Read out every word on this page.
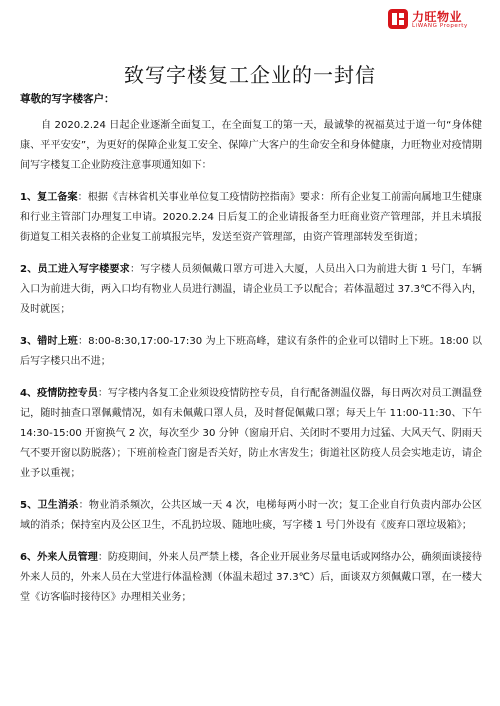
力旺物业
LiWANG Property
致写字楼复工企业的一封信
尊敬的写字楼客户：

自 2020.2.24 日起企业逐渐全面复工，在全面复工的第一天，最诚挚的祝福莫过于道一句“身体健康、平平安安”，为更好的保障企业复工安全、保障广大客户的生命安全和身体健康，力旺物业对疫情期间写字楼复工企业防疫注意事项通知如下：

1、复工备案：根据《吉林省机关事业单位复工疫情防控指南》要求：所有企业复工前需向属地卫生健康和行业主管部门办理复工申请。2020.2.24 日后复工的企业请报备至力旺商业资产管理部，并且未填报街道复工相关表格的企业复工前填报完毕，发送至资产管理部，由资产管理部转发至街道；

2、员工进入写字楼要求：写字楼人员须佩戴口罩方可进入大厦，人员出入口为前进大街 1 号门，车辆入口为前进大街，两入口均有物业人员进行测温，请企业员工予以配合；若体温超过 37.3℃不得入内，及时就医；

3、错时上班：8:00-8:30,17:00-17:30 为上下班高峰，建议有条件的企业可以错时上下班。18:00 以后写字楼只出不进；

4、疫情防控专员：写字楼内各复工企业须设疫情防控专员，自行配备测温仪器，每日两次对员工测温登记，随时抽查口罩佩戴情况，如有未佩戴口罩人员，及时督促佩戴口罩；每天上午 11:00-11:30、下午 14:30-15:00 开窗换气 2 次，每次至少 30 分钟（窗扇开启、关闭时不要用力过猛、大风天气、阴雨天气不要开窗以防脱落）；下班前检查门窗是否关好，防止水害发生；街道社区防疫人员会实地走访，请企业予以重视；

5、卫生消杀：物业消杀频次，公共区域一天 4 次，电梯每两小时一次；复工企业自行负责内部办公区域的消杀；保持室内及公区卫生，不乱扔垃圾、随地吐痰，写字楼 1 号门外设有《废弃口罩垃圾箱》；

6、外来人员管理：防疫期间，外来人员严禁上楼，各企业开展业务尽量电话或网络办公，确须面谈接待外来人员的，外来人员在大堂进行体温检测（体温未超过 37.3℃）后，面谈双方须佩戴口罩，在一楼大堂《访客临时接待区》办理相关业务；
